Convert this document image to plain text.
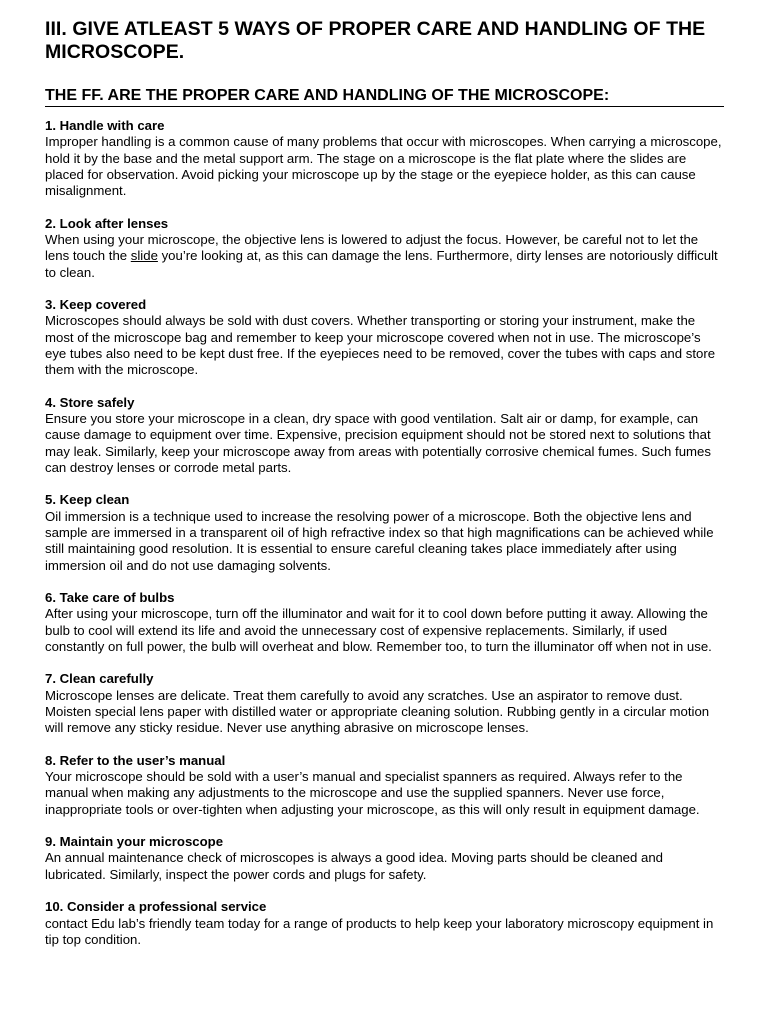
III. GIVE ATLEAST 5 WAYS OF PROPER CARE AND HANDLING OF THE MICROSCOPE.
THE FF. ARE THE PROPER CARE AND HANDLING OF THE MICROSCOPE:
1. Handle with care
Improper handling is a common cause of many problems that occur with microscopes. When carrying a microscope, hold it by the base and the metal support arm. The stage on a microscope is the flat plate where the slides are placed for observation. Avoid picking your microscope up by the stage or the eyepiece holder, as this can cause misalignment.
2. Look after lenses
When using your microscope, the objective lens is lowered to adjust the focus. However, be careful not to let the lens touch the slide you’re looking at, as this can damage the lens. Furthermore, dirty lenses are notoriously difficult to clean.
3. Keep covered
Microscopes should always be sold with dust covers. Whether transporting or storing your instrument, make the most of the microscope bag and remember to keep your microscope covered when not in use. The microscope’s eye tubes also need to be kept dust free. If the eyepieces need to be removed, cover the tubes with caps and store them with the microscope.
4. Store safely
Ensure you store your microscope in a clean, dry space with good ventilation. Salt air or damp, for example, can cause damage to equipment over time. Expensive, precision equipment should not be stored next to solutions that may leak. Similarly, keep your microscope away from areas with potentially corrosive chemical fumes. Such fumes can destroy lenses or corrode metal parts.
5. Keep clean
Oil immersion is a technique used to increase the resolving power of a microscope. Both the objective lens and sample are immersed in a transparent oil of high refractive index so that high magnifications can be achieved while still maintaining good resolution. It is essential to ensure careful cleaning takes place immediately after using immersion oil and do not use damaging solvents.
6. Take care of bulbs
After using your microscope, turn off the illuminator and wait for it to cool down before putting it away. Allowing the bulb to cool will extend its life and avoid the unnecessary cost of expensive replacements. Similarly, if used constantly on full power, the bulb will overheat and blow. Remember too, to turn the illuminator off when not in use.
7. Clean carefully
Microscope lenses are delicate. Treat them carefully to avoid any scratches. Use an aspirator to remove dust. Moisten special lens paper with distilled water or appropriate cleaning solution. Rubbing gently in a circular motion will remove any sticky residue. Never use anything abrasive on microscope lenses.
8. Refer to the user’s manual
Your microscope should be sold with a user’s manual and specialist spanners as required. Always refer to the manual when making any adjustments to the microscope and use the supplied spanners. Never use force, inappropriate tools or over-tighten when adjusting your microscope, as this will only result in equipment damage.
9. Maintain your microscope
An annual maintenance check of microscopes is always a good idea. Moving parts should be cleaned and lubricated. Similarly, inspect the power cords and plugs for safety.
10. Consider a professional service
contact Edu lab’s friendly team today for a range of products to help keep your laboratory microscopy equipment in tip top condition.
